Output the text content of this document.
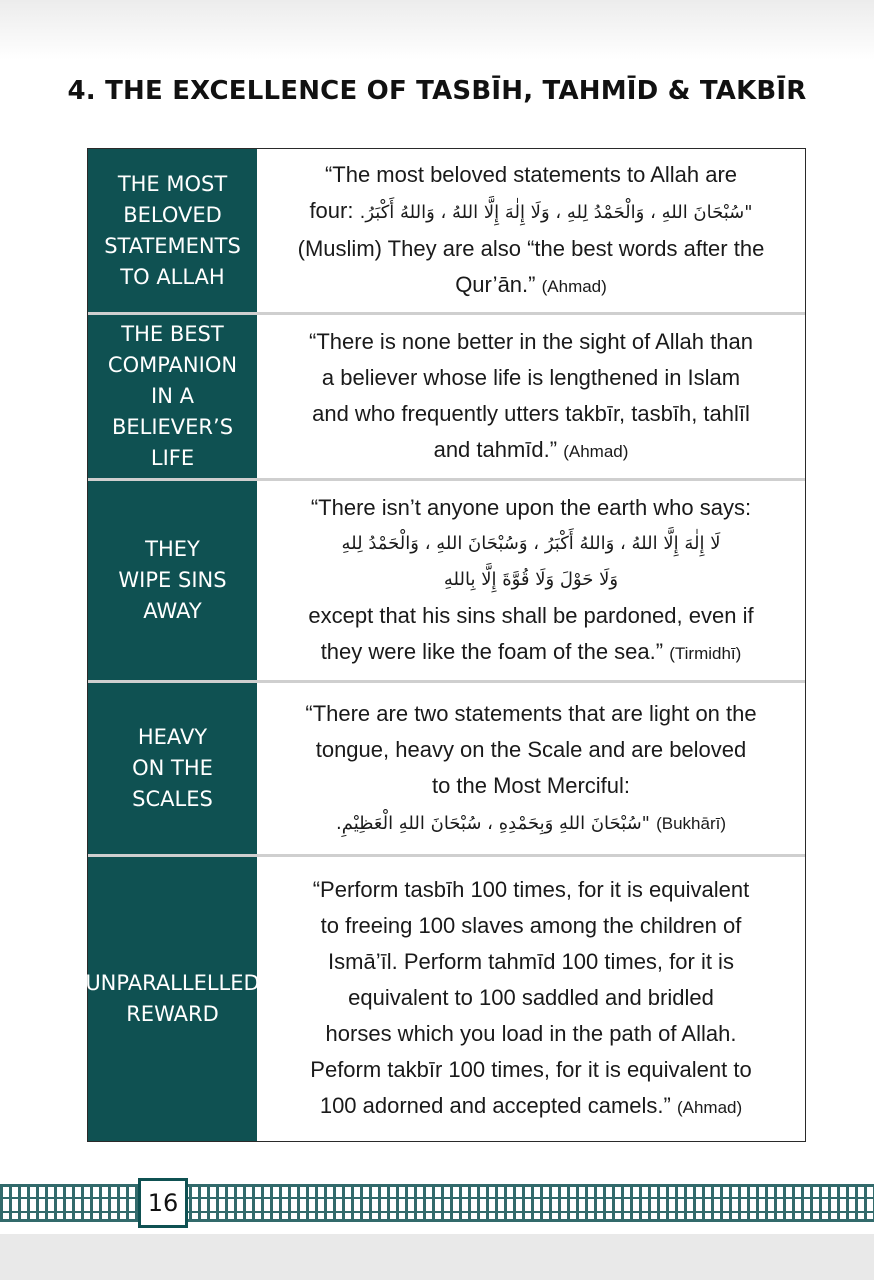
4. THE EXCELLENCE OF TASBĪH, TAHMĪD & TAKBĪR
THE MOST
BELOVED
STATEMENTS
TO ALLAH
“The most beloved statements to Allah are
four: .سُبْحَانَ اللهِ ، وَالْحَمْدُ لِلهِ ، وَلَا إِلٰهَ إِلَّا اللهُ ، وَاللهُ أَكْبَرُ"
(Muslim) They are also “the best words after the
Qur’ān.” (Ahmad)
THE BEST
COMPANION
IN A
BELIEVER’S LIFE
“There is none better in the sight of Allah than
a believer whose life is lengthened in Islam
and who frequently utters takbīr, tasbīh, tahlīl
and tahmīd.” (Ahmad)
THEY
WIPE SINS
AWAY
“There isn’t anyone upon the earth who says:
لَا إِلٰهَ إِلَّا اللهُ ، وَاللهُ أَكْبَرُ ، وَسُبْحَانَ اللهِ ، وَالْحَمْدُ لِلهِ
وَلَا حَوْلَ وَلَا قُوَّةَ إِلَّا بِاللهِ
except that his sins shall be pardoned, even if
they were like the foam of the sea.” (Tirmidhī)
HEAVY
ON THE
SCALES
“There are two statements that are light on the
tongue, heavy on the Scale and are beloved
to the Most Merciful:
.سُبْحَانَ اللهِ وَبِحَمْدِهِ ، سُبْحَانَ اللهِ الْعَظِيْمِ" (Bukhārī)
UNPARALLELLED
REWARD
“Perform tasbīh 100 times, for it is equivalent
to freeing 100 slaves among the children of
Ismā’īl. Perform tahmīd 100 times, for it is
equivalent to 100 saddled and bridled
horses which you load in the path of Allah.
Peform takbīr 100 times, for it is equivalent to
100 adorned and accepted camels.” (Ahmad)
16
